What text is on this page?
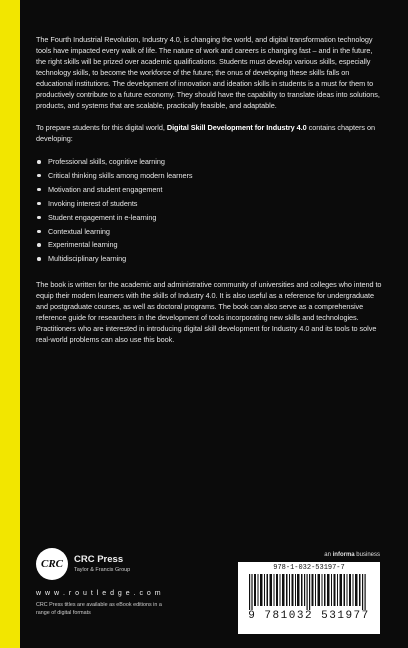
The Fourth Industrial Revolution, Industry 4.0, is changing the world, and digital transformation technology tools have impacted every walk of life. The nature of work and careers is changing fast – and in the future, the right skills will be prized over academic qualifications. Students must develop various skills, especially technology skills, to become the workforce of the future; the onus of developing these skills falls on educational institutions. The development of innovation and ideation skills in students is a must for them to productively contribute to a future economy. They should have the capability to translate ideas into solutions, products, and systems that are scalable, practically feasible, and adaptable.

To prepare students for this digital world, Digital Skill Development for Industry 4.0 contains chapters on developing:

Professional skills, cognitive learning
Critical thinking skills among modern learners
Motivation and student engagement
Invoking interest of students
Student engagement in e-learning
Contextual learning
Experimental learning
Multidisciplinary learning

The book is written for the academic and administrative community of universities and colleges who intend to equip their modern learners with the skills of Industry 4.0. It is also useful as a reference for undergraduate and postgraduate courses, as well as doctoral programs. The book can also serve as a comprehensive reference guide for researchers in the development of tools incorporating new skills and technologies. Practitioners who are interested in introducing digital skill development for Industry 4.0 and its tools to solve real-world problems can also use this book.

CRC	CRC Press
Taylor & Francis Group
w w w . r o u t l e d g e . c o m
CRC Press titles are available as eBook editions in a range of digital formats
an informa business
978-1-032-53197-7
9 781032 531977
